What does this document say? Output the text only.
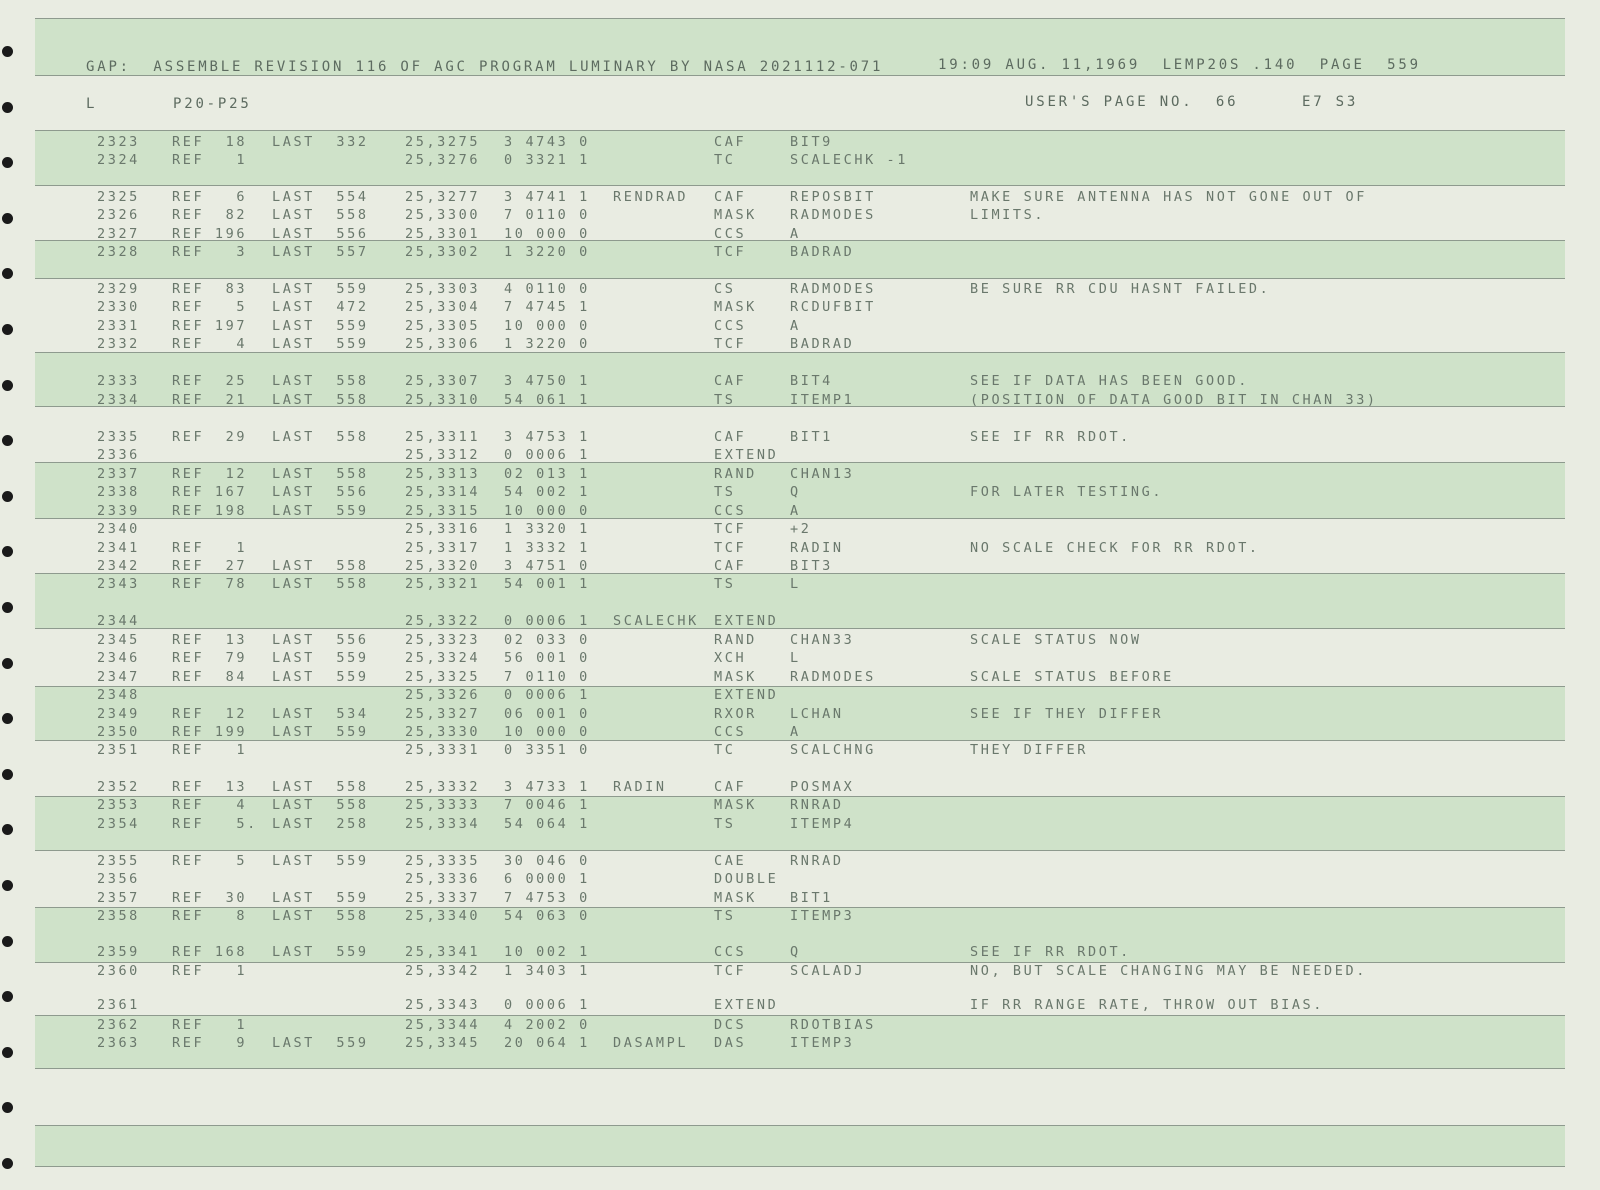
GAP:  ASSEMBLE REVISION 116 OF AGC PROGRAM LUMINARY BY NASA 2021112-071	19:09 AUG. 11,1969  LEMP20S .140  PAGE  559
L	P20-P25	USER'S PAGE NO.  66	E7 S3
2323 REF  18 LAST  332	25,3275 3 4743 0	CAF	BIT9
2324 REF   1	25,3276 0 3321 1	TC	SCALECHK -1
2325 REF   6 LAST  554	25,3277 3 4741 1 RENDRAD CAF	REPOSBIT	MAKE SURE ANTENNA HAS NOT GONE OUT OF
2326 REF  82 LAST  558	25,3300 7 0110 0	MASK RADMODES	LIMITS.
2327 REF 196 LAST  556	25,3301 10 000 0	CCS	A
2328 REF   3 LAST  557	25,3302 1 3220 0	TCF	BADRAD
2329 REF  83 LAST  559	25,3303 4 0110 0	CS	RADMODES	BE SURE RR CDU HASNT FAILED.
2330 REF   5 LAST  472	25,3304 7 4745 1	MASK RCDUFBIT
2331 REF 197 LAST  559	25,3305 10 000 0	CCS	A
2332 REF   4 LAST  559	25,3306 1 3220 0	TCF	BADRAD
2333 REF  25 LAST  558	25,3307 3 4750 1	CAF	BIT4	SEE IF DATA HAS BEEN GOOD.
2334 REF  21 LAST  558	25,3310 54 061 1	TS	ITEMP1	(POSITION OF DATA GOOD BIT IN CHAN 33)
2335 REF  29 LAST  558	25,3311 3 4753 1	CAF	BIT1	SEE IF RR RDOT.
2336	25,3312 0 0006 1	EXTEND
2337 REF  12 LAST  558	25,3313 02 013 1	RAND CHAN13
2338 REF 167 LAST  556	25,3314 54 002 1	TS	Q	FOR LATER TESTING.
2339 REF 198 LAST  559	25,3315 10 000 0	CCS	A
2340	25,3316 1 3320 1	TCF	+2
2341 REF   1	25,3317 1 3332 1	TCF	RADIN	NO SCALE CHECK FOR RR RDOT.
2342 REF  27 LAST  558	25,3320 3 4751 0	CAF	BIT3
2343 REF  78 LAST  558	25,3321 54 001 1	TS	L
2344	25,3322 0 0006 1 SCALECHK EXTEND
2345 REF  13 LAST  556	25,3323 02 033 0	RAND CHAN33	SCALE STATUS NOW
2346 REF  79 LAST  559	25,3324 56 001 0	XCH	L
2347 REF  84 LAST  559	25,3325 7 0110 0	MASK RADMODES	SCALE STATUS BEFORE
2348	25,3326 0 0006 1	EXTEND
2349 REF  12 LAST  534	25,3327 06 001 0	RXOR LCHAN	SEE IF THEY DIFFER
2350 REF 199 LAST  559	25,3330 10 000 0	CCS	A
2351 REF   1	25,3331 0 3351 0	TC	SCALCHNG	THEY DIFFER
2352 REF  13 LAST  558	25,3332 3 4733 1 RADIN	CAF	POSMAX
2353 REF   4 LAST  558	25,3333 7 0046 1	MASK RNRAD
2354 REF   5. LAST  258	25,3334 54 064 1	TS	ITEMP4
2355 REF   5 LAST  559	25,3335 30 046 0	CAE	RNRAD
2356	25,3336 6 0000 1	DOUBLE
2357 REF  30 LAST  559	25,3337 7 4753 0	MASK BIT1
2358 REF   8 LAST  558	25,3340 54 063 0	TS	ITEMP3
2359 REF 168 LAST  559	25,3341 10 002 1	CCS	Q	SEE IF RR RDOT.
2360 REF   1	25,3342 1 3403 1	TCF	SCALADJ	NO, BUT SCALE CHANGING MAY BE NEEDED.
2361	25,3343 0 0006 1	EXTEND	IF RR RANGE RATE, THROW OUT BIAS.
2362 REF   1	25,3344 4 2002 0	DCS	RDOTBIAS
2363 REF   9 LAST  559	25,3345 20 064 1 DASAMPL DAS	ITEMP3
